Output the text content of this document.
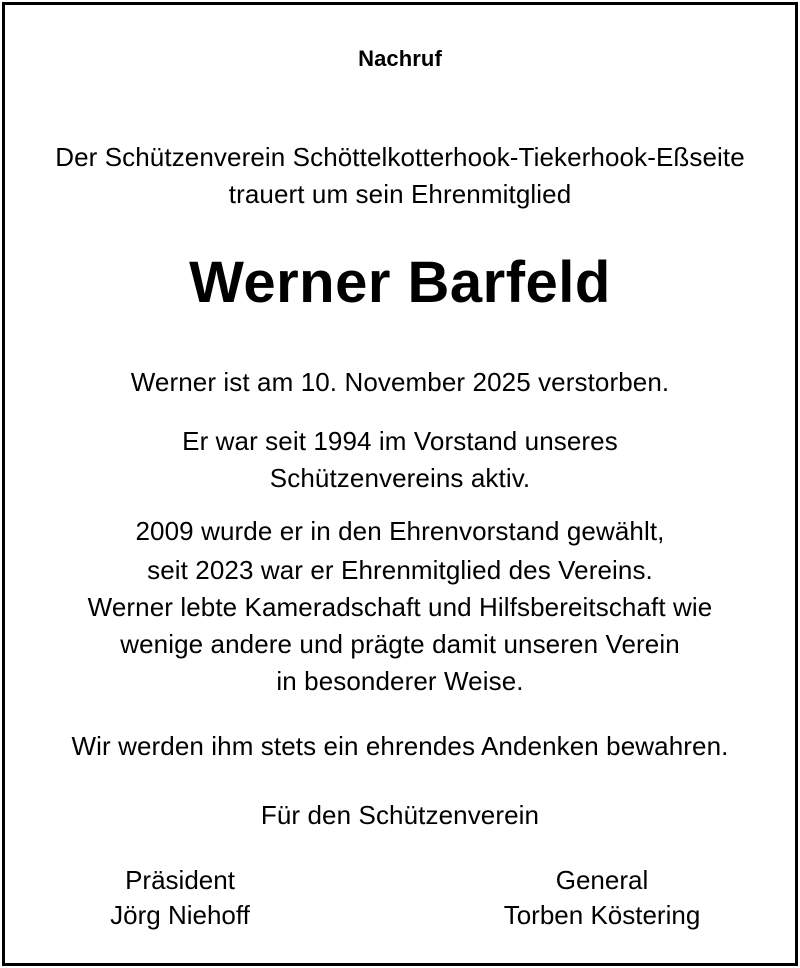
Nachruf
Der Schützenverein Schöttelkotterhook-Tiekerhook-Eßseite
trauert um sein Ehrenmitglied
Werner Barfeld
Werner ist am 10. November 2025 verstorben.
Er war seit 1994 im Vorstand unseres
Schützenvereins aktiv.
2009 wurde er in den Ehrenvorstand gewählt,
seit 2023 war er Ehrenmitglied des Vereins.
Werner lebte Kameradschaft und Hilfsbereitschaft wie
wenige andere und prägte damit unseren Verein
in besonderer Weise.
Wir werden ihm stets ein ehrendes Andenken bewahren.
Für den Schützenverein
Präsident
Jörg Niehoff
General
Torben Köstering
